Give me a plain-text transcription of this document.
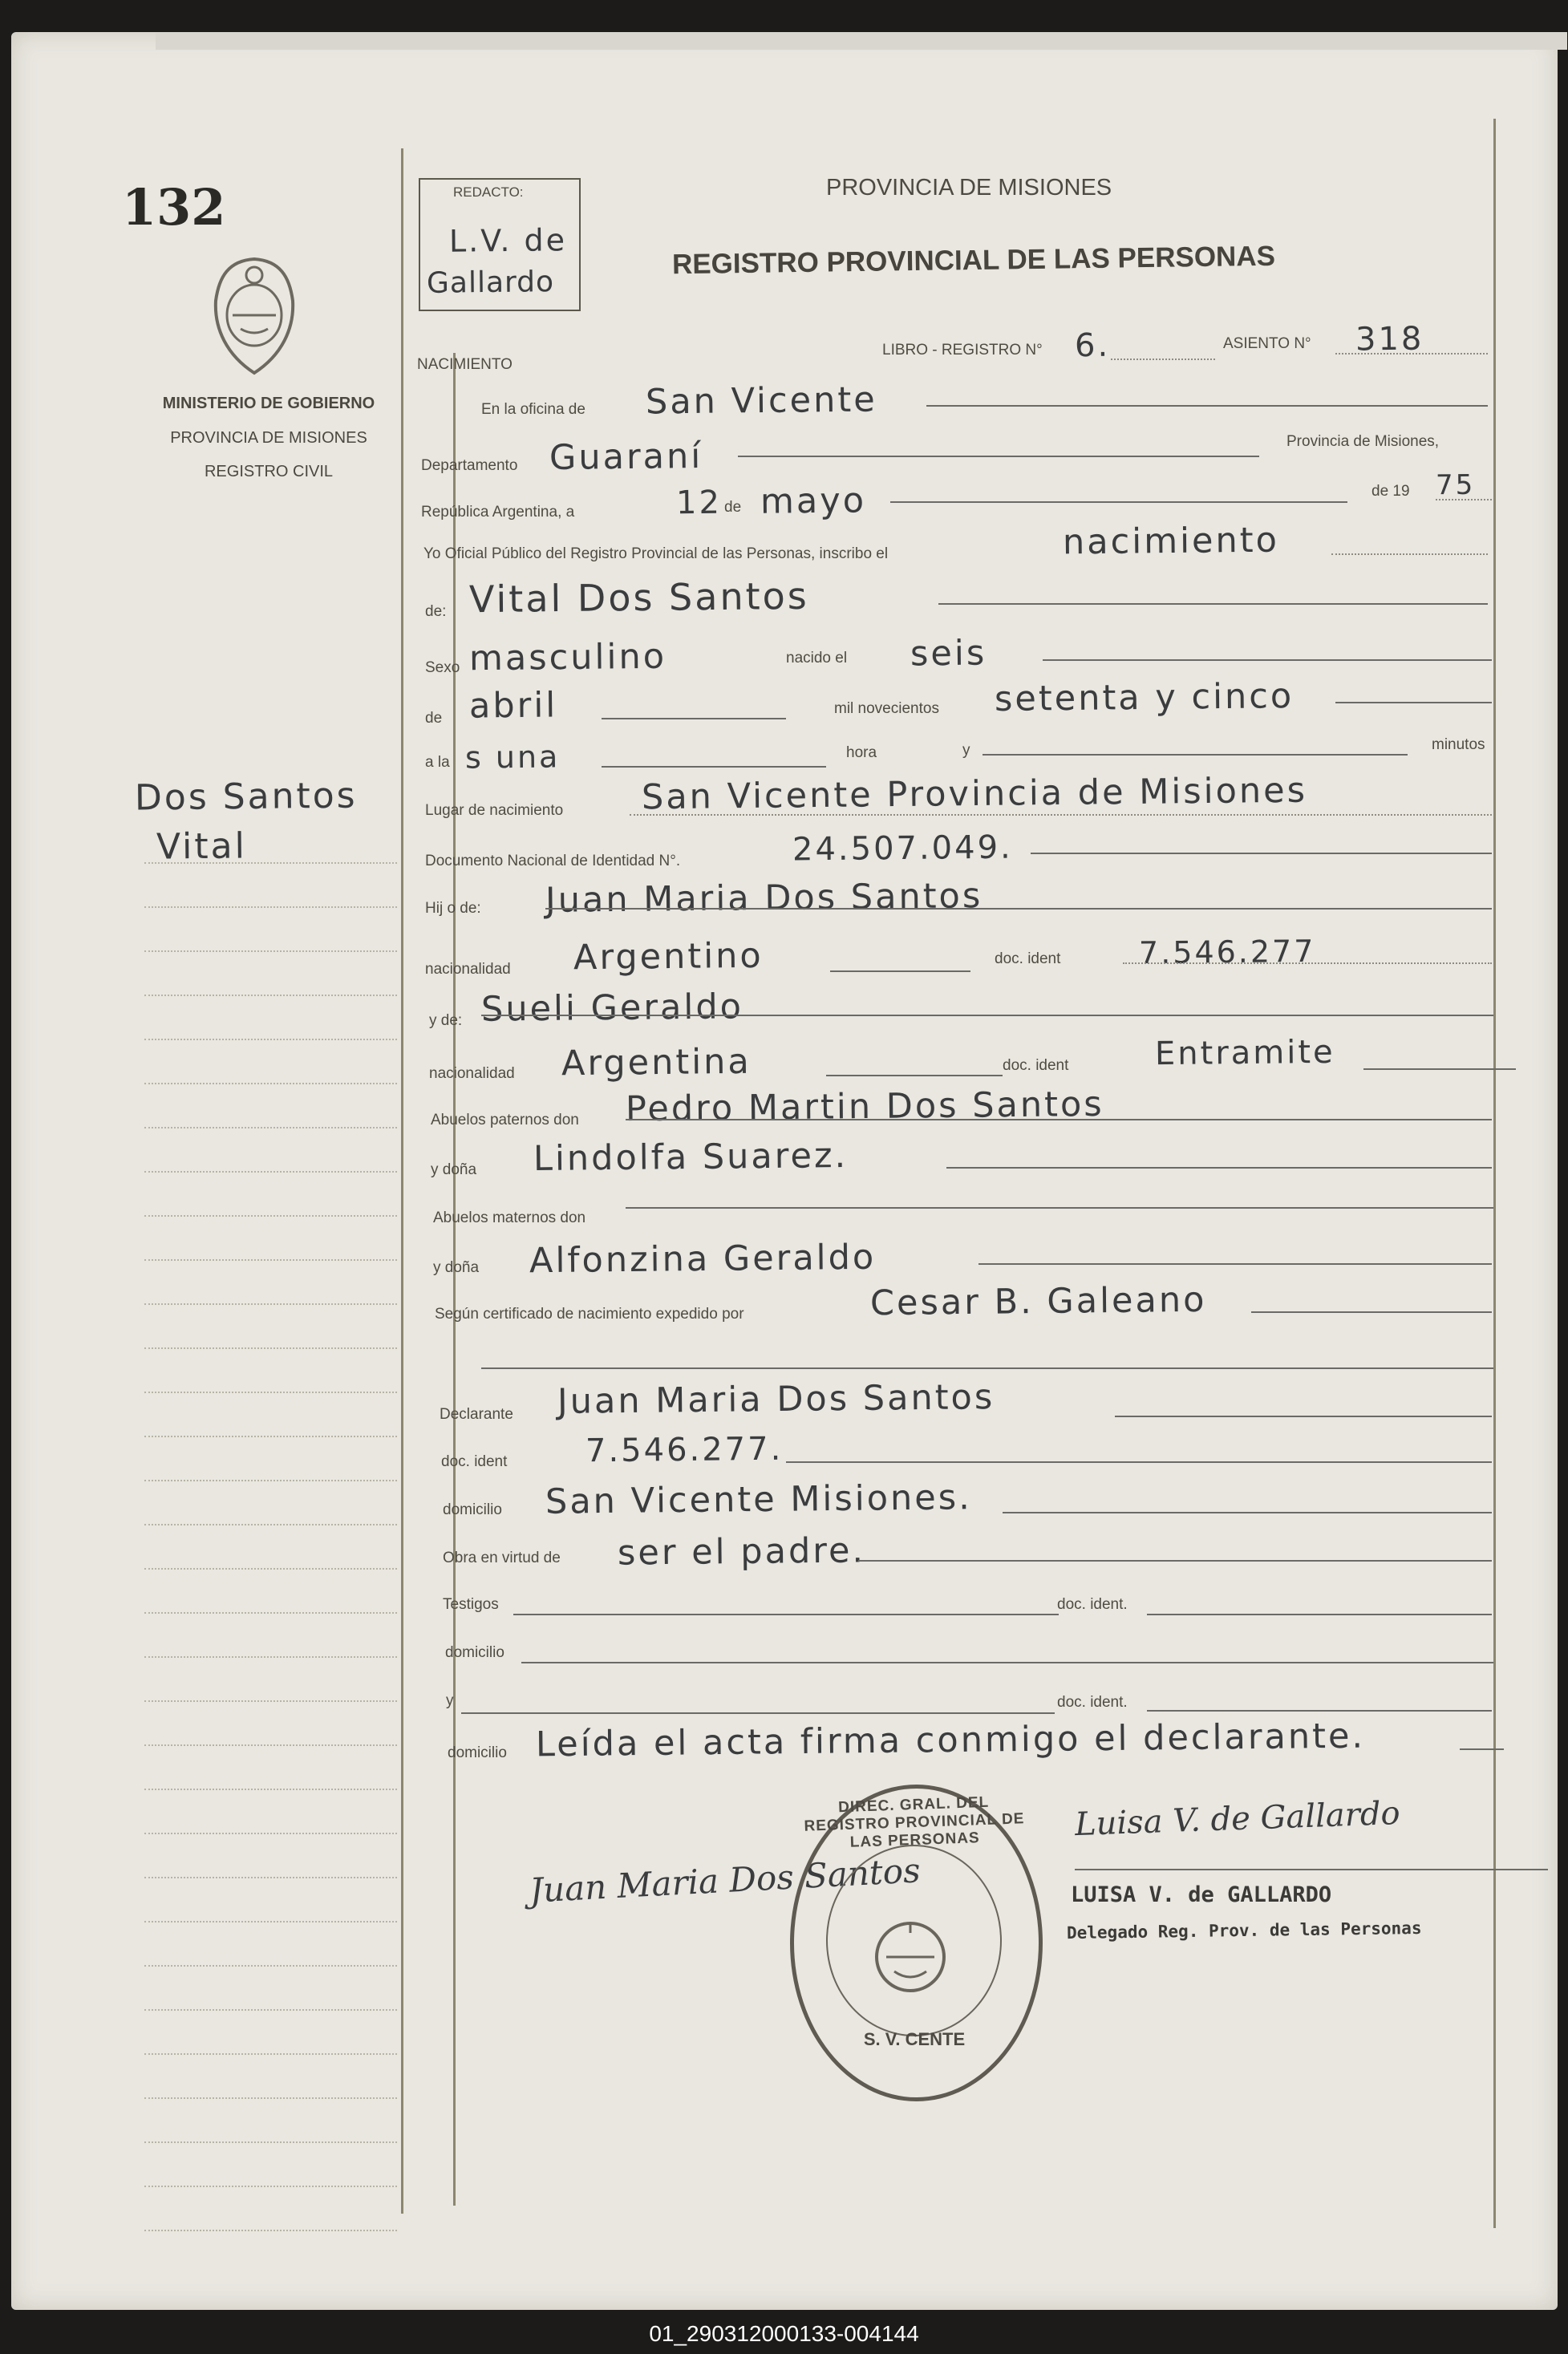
132
MINISTERIO DE GOBIERNO
PROVINCIA DE MISIONES
REGISTRO CIVIL
Dos Santos
Vital
REDACTO:
L.V. de
Gallardo
PROVINCIA DE MISIONES
REGISTRO PROVINCIAL DE LAS PERSONAS
NACIMIENTO
LIBRO - REGISTRO N° 6.	ASIENTO N° 318
En la oficina de San Vicente
Departamento Guaraní	Provincia de Misiones,
República Argentina, a	12 de mayo	de 19 75
Yo Oficial Público del Registro Provincial de las Personas, inscribo el	nacimiento
de: Vital Dos Santos
Sexo masculino	nacido el seis
de abril	mil novecientos setenta y cinco
a la s una	hora	y	minutos
Lugar de nacimiento San Vicente Provincia de Misiones
Documento Nacional de Identidad N°.	24.507.049.
Hij o de: Juan Maria Dos Santos
nacionalidad Argentino	doc. ident	7.546.277
y de: Sueli Geraldo
nacionalidad Argentina	doc. ident	Entramite
Abuelos paternos don Pedro Martin Dos Santos
y doña Lindolfa Suarez.
Abuelos maternos don
y doña Alfonzina Geraldo
Según certificado de nacimiento expedido por	Cesar B. Galeano
Declarante Juan Maria Dos Santos
doc. ident 7.546.277.
domicilio San Vicente Misiones.
Obra en virtud de ser el padre.
Testigos	doc. ident.
domicilio
y	doc. ident.
domicilio Leída el acta firma conmigo el declarante.
Juan Maria Dos Santos
Luisa V. de Gallardo
LUISA V. de GALLARDO
Delegado Reg. Prov. de las Personas
DIREC. GRAL. DEL REGISTRO PROVINCIAL DE LAS PERSONAS
S. V. CENTE
01_290312000133-004144
